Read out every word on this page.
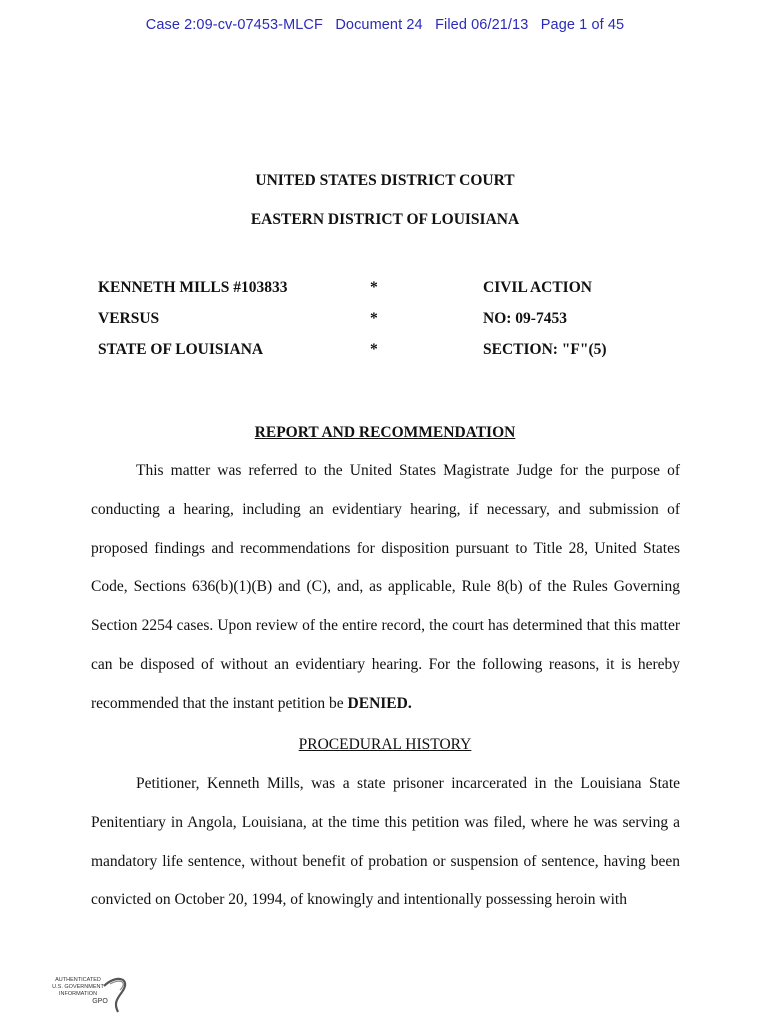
Case 2:09-cv-07453-MLCF Document 24 Filed 06/21/13 Page 1 of 45
UNITED STATES DISTRICT COURT
EASTERN DISTRICT OF LOUISIANA
KENNETH MILLS #103833	*	CIVIL ACTION
VERSUS	*	NO: 09-7453
STATE OF LOUISIANA	*	SECTION: "F"(5)
REPORT AND RECOMMENDATION
This matter was referred to the United States Magistrate Judge for the purpose of conducting a hearing, including an evidentiary hearing, if necessary, and submission of proposed findings and recommendations for disposition pursuant to Title 28, United States Code, Sections 636(b)(1)(B) and (C), and, as applicable, Rule 8(b) of the Rules Governing Section 2254 cases. Upon review of the entire record, the court has determined that this matter can be disposed of without an evidentiary hearing. For the following reasons, it is hereby recommended that the instant petition be DENIED.
PROCEDURAL HISTORY
Petitioner, Kenneth Mills, was a state prisoner incarcerated in the Louisiana State Penitentiary in Angola, Louisiana, at the time this petition was filed, where he was serving a mandatory life sentence, without benefit of probation or suspension of sentence, having been convicted on October 20, 1994, of knowingly and intentionally possessing heroin with
AUTHENTICATED
U.S. GOVERNMENT
INFORMATION
GPO
